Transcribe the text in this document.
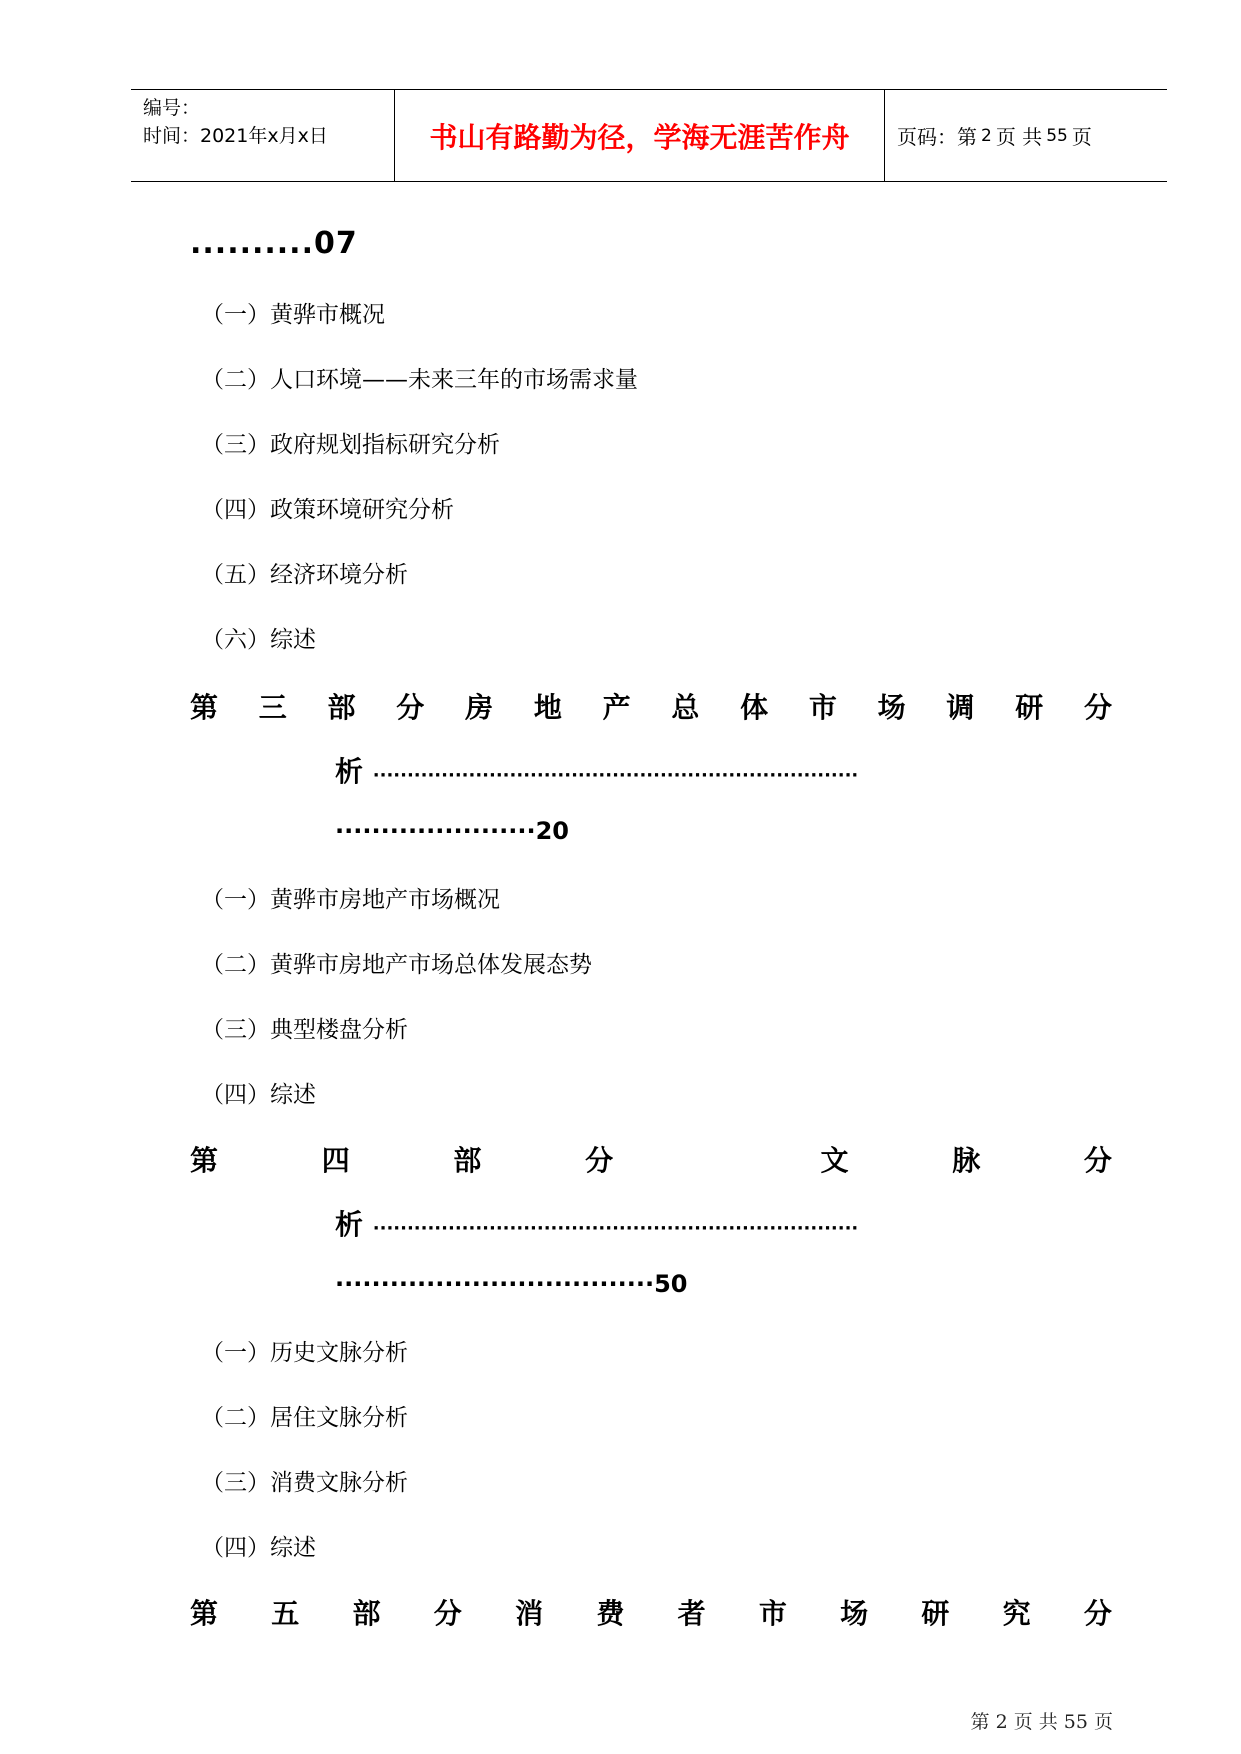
编号：
时间：2021年x月x日	书山有路勤为径，学海无涯苦作舟 页码：第 2 页 共 55 页
..........07
（一）黄骅市概况
（二）人口环境——未来三年的市场需求量
（三）政府规划指标研究分析
（四）政策环境研究分析
（五）经济环境分析
（六）综述
第 三 部 分 房 地 产 总 体 市 场 调 研 分
析 ·······································································
······················20
（一）黄骅市房地产市场概况
（二）黄骅市房地产市场总体发展态势
（三）典型楼盘分析
（四）综述
第	四	部	分	文	脉	分
析 ·······································································
···································50
（一）历史文脉分析
（二）居住文脉分析
（三）消费文脉分析
（四）综述
第 五 部 分 消 费 者 市 场 研 究 分
第 2 页 共 55 页
